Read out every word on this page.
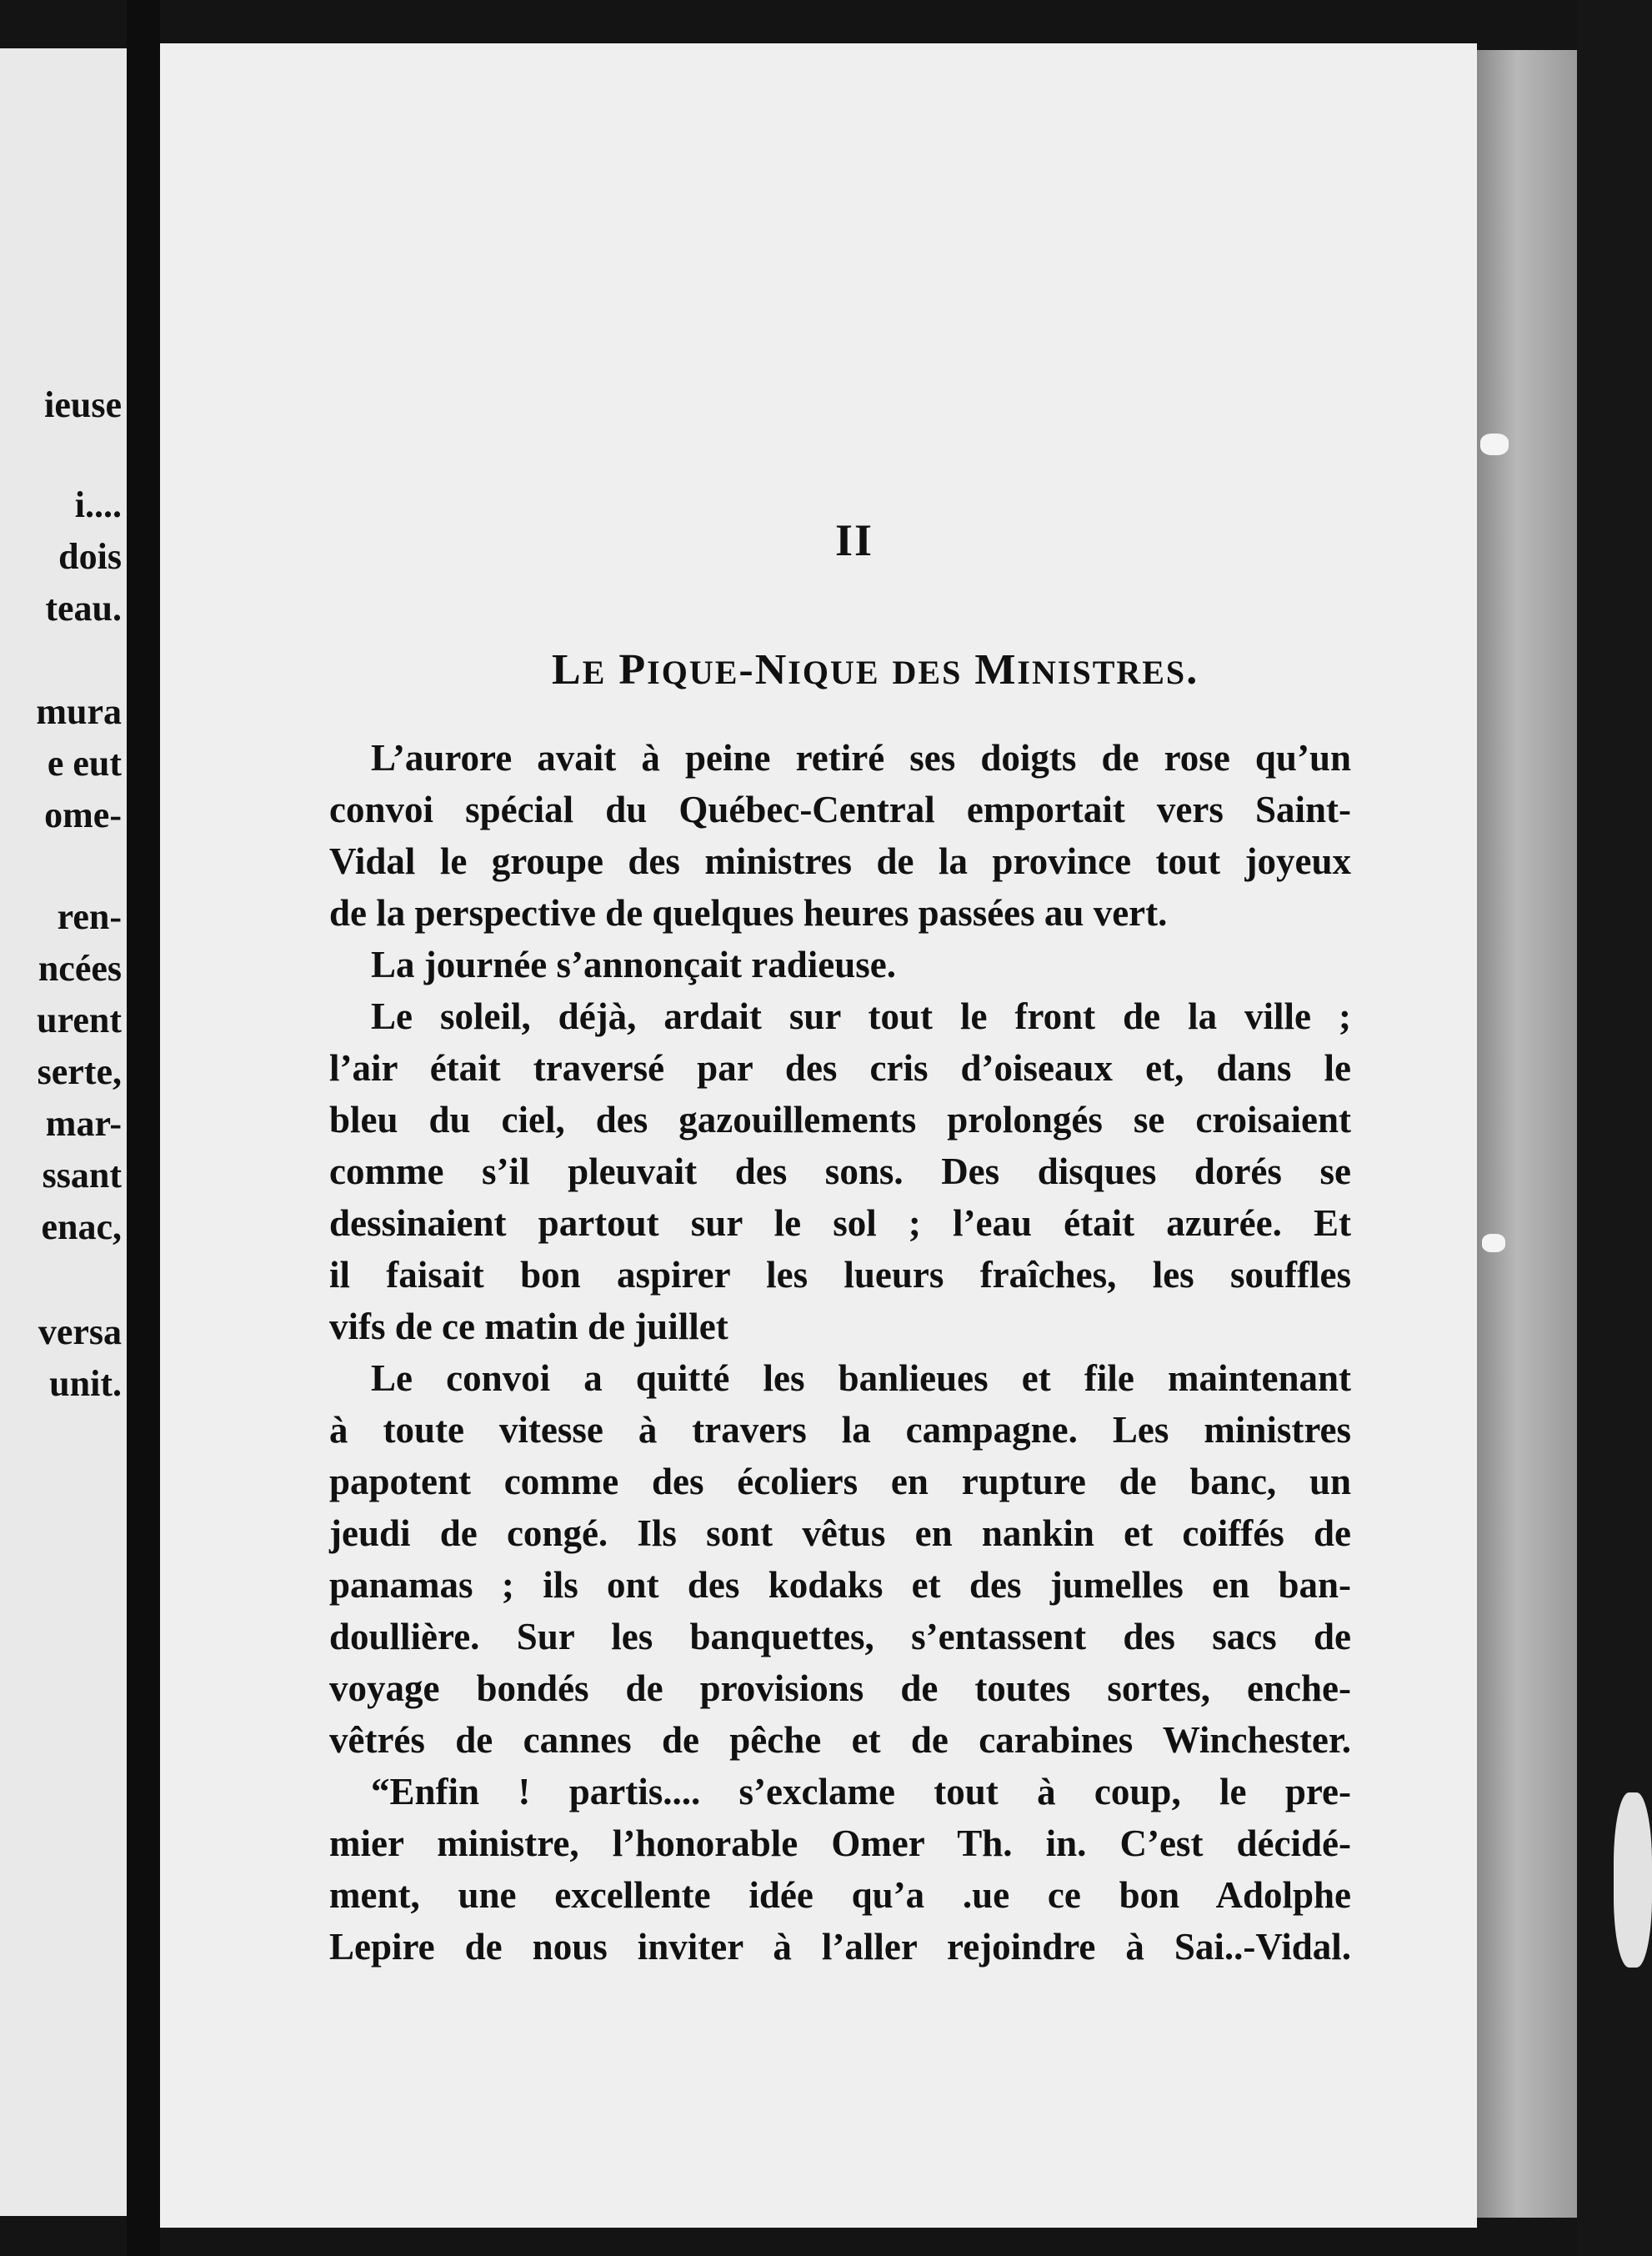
ieuse
i....
dois
teau.
mura
e eut
ome-
ren-
ncées
urent
serte,
mar-
ssant
enac,
versa
unit.
II
LE PIQUE-NIQUE DES MINISTRES.
L’aurore avait à peine retiré ses doigts de rose qu’un
convoi spécial du Québec-Central emportait vers Saint-
Vidal le groupe des ministres de la province tout joyeux
de la perspective de quelques heures passées au vert.
La journée s’annonçait radieuse.
Le soleil, déjà, ardait sur tout le front de la ville ;
l’air était traversé par des cris d’oiseaux et, dans le
bleu du ciel, des gazouillements prolongés se croisaient
comme s’il pleuvait des sons. Des disques dorés se
dessinaient partout sur le sol ; l’eau était azurée. Et
il faisait bon aspirer les lueurs fraîches, les souffles
vifs de ce matin de juillet
Le convoi a quitté les banlieues et file maintenant
à toute vitesse à travers la campagne. Les ministres
papotent comme des écoliers en rupture de banc, un
jeudi de congé. Ils sont vêtus en nankin et coiffés de
panamas ; ils ont des kodaks et des jumelles en ban-
doullière. Sur les banquettes, s’entassent des sacs de
voyage bondés de provisions de toutes sortes, enche-
vêtrés de cannes de pêche et de carabines Winchester.
“Enfin ! partis.... s’exclame tout à coup, le pre-
mier ministre, l’honorable Omer Th. in. C’est décidé-
ment, une excellente idée qu’a .ue ce bon Adolphe
Lepire de nous inviter à l’aller rejoindre à Sai..-Vidal.
